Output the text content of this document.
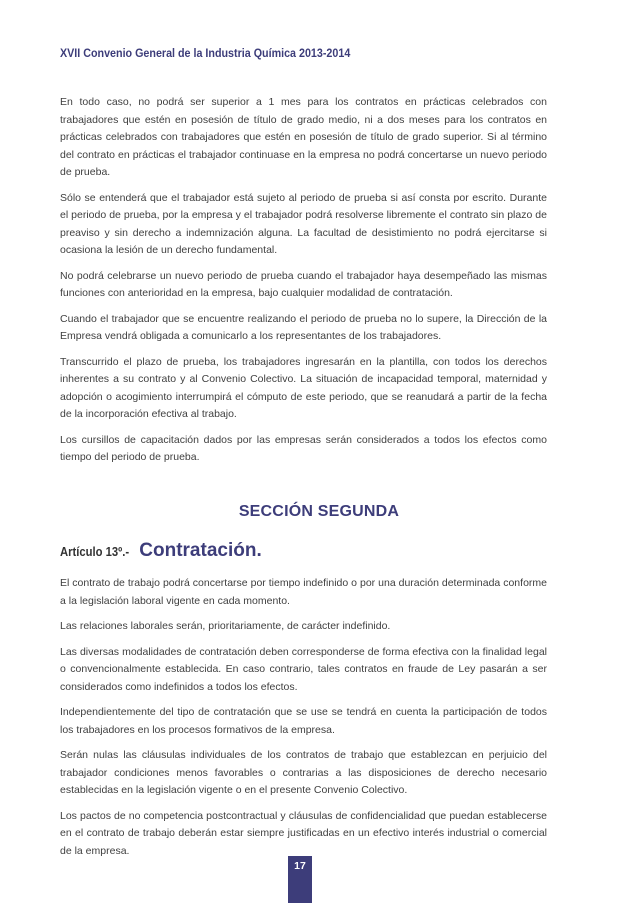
XVII Convenio General de la Industria Química 2013-2014

En todo caso, no podrá ser superior a 1 mes para los contratos en prácticas celebrados con trabajadores que estén en posesión de título de grado medio, ni a dos meses para los contratos en prácticas celebrados con trabajadores que estén en posesión de título de grado superior. Si al término del contrato en prácticas el trabajador continuase en la empresa no podrá concertarse un nuevo periodo de prueba.

Sólo se entenderá que el trabajador está sujeto al periodo de prueba si así consta por escrito. Durante el periodo de prueba, por la empresa y el trabajador podrá resolverse libremente el contrato sin plazo de preaviso y sin derecho a indemnización alguna. La facultad de desistimiento no podrá ejercitarse si ocasiona la lesión de un derecho fundamental.

No podrá celebrarse un nuevo periodo de prueba cuando el trabajador haya desempeñado las mismas funciones con anterioridad en la empresa, bajo cualquier modalidad de contratación.

Cuando el trabajador que se encuentre realizando el periodo de prueba no lo supere, la Dirección de la Empresa vendrá obligada a comunicarlo a los representantes de los trabajadores.

Transcurrido el plazo de prueba, los trabajadores ingresarán en la plantilla, con todos los derechos inherentes a su contrato y al Convenio Colectivo. La situación de incapacidad temporal, maternidad y adopción o acogimiento interrumpirá el cómputo de este periodo, que se reanudará a partir de la fecha de la incorporación efectiva al trabajo.

Los cursillos de capacitación dados por las empresas serán considerados a todos los efectos como tiempo del periodo de prueba.

SECCIÓN SEGUNDA
Artículo 13º.- Contratación.

El contrato de trabajo podrá concertarse por tiempo indefinido o por una duración determinada conforme a la legislación laboral vigente en cada momento.

Las relaciones laborales serán, prioritariamente, de carácter indefinido.

Las diversas modalidades de contratación deben corresponderse de forma efectiva con la finalidad legal o convencionalmente establecida. En caso contrario, tales contratos en fraude de Ley pasarán a ser considerados como indefinidos a todos los efectos.

Independientemente del tipo de contratación que se use se tendrá en cuenta la participación de todos los trabajadores en los procesos formativos de la empresa.

Serán nulas las cláusulas individuales de los contratos de trabajo que establezcan en perjuicio del trabajador condiciones menos favorables o contrarias a las disposiciones de derecho necesario establecidas en la legislación vigente o en el presente Convenio Colectivo.

Los pactos de no competencia postcontractual y cláusulas de confidencialidad que puedan establecerse en el contrato de trabajo deberán estar siempre justificadas en un efectivo interés industrial o comercial de la empresa.

17
